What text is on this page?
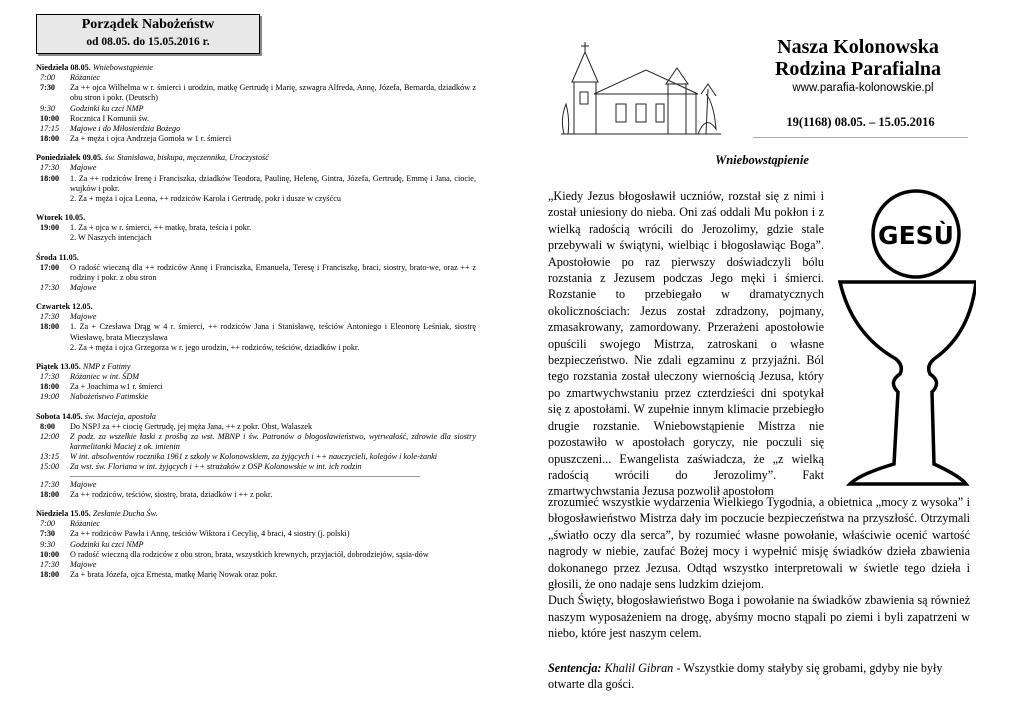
Porządek Nabożeństw
od 08.05. do 15.05.2016 r.
Niedziela 08.05. Wniebowstąpienie
7:00	Różaniec
7:30	Za ++ ojca Wilhelma w r. śmierci i urodzin, matkę Gertrudę i Marię, szwagra Alfreda, Annę, Józefa, Bernarda, dziadków z obu stron i pokr. (Deutsch)
9:30	Godzinki ku czci NMP
10:00	Rocznica I Komunii św.
17:15	Majowe i do Miłosierdzia Bożego
18:00	Za + męża i ojca Andrzeja Gomoła w 1 r. śmierci
Poniedziałek 09.05. św. Stanisława, biskupa, męczennika, Uroczystość
17:30	Majowe
18:00	1. Za ++ rodziców Irenę i Franciszka, dziadków Teodora, Paulinę, Helenę, Gintra, Józefa, Gertrudę, Emmę i Jana, ciocie, wujków i pokr.
2. Za + męża i ojca Leona, ++ rodziców Karola i Gertrudę, pokr i dusze w czyśćcu
Wtorek 10.05.
19:00	1. Za + ojca w r. śmierci, ++ matkę, brata, teścia i pokr.
2. W Naszych intencjach
Środa 11.05.
17:00	O radość wieczną dla ++ rodziców Annę i Franciszka, Emanuela, Teresę i Franciszkę, braci, siostry, brato-we, oraz ++ z rodziny i pokr. z obu stron
17:30	Majowe
Czwartek 12.05.
17:30	Majowe
18:00	1. Za + Czesława Drąg w 4 r. śmierci, ++ rodziców Jana i Stanisławę, teściów Antoniego i Eleonorę Leśniak, siostrę Wiesławę, brata Mieczysława
2. Za + męża i ojca Grzegorza w r. jego urodzin, ++ rodziców, teściów, dziadków i pokr.
Piątek 13.05. NMP z Fatimy
17:30	Różaniec w int. ŚDM
18:00	Za + Joachima w1 r. śmierci
19:00	Nabożeństwo Fatimskie
Sobota 14.05. św. Macieja, apostoła
8:00	Do NSPJ za ++ ciocię Gertrudę, jej męża Jana, ++ z pokr. Obst, Walaszek
12:00	Z podz. za wszelkie łaski z prośbą za wst. MBNP i św. Patronów o błogosławieństwo, wytrwałość, zdrowie dla siostry karmelitanki Maciej z ok. imienin
13:15	W int. absolwentów rocznika 1961 z szkoły w Kolonowskiem, za żyjących i ++ nauczycieli, kolegów i kole-żanki
15:00	Za wst. św. Floriana w int. żyjących i ++ strażaków z OSP Kolonowskie w int. ich rodzin
17:30	Majowe
18:00	Za ++ rodziców, teściów, siostrę, brata, dziadków i ++ z pokr.
Niedziela 15.05. Zesłanie Ducha Św.
7:00	Różaniec
7:30	Za ++ rodziców Pawła i Annę, teściów Wiktora i Cecylię, 4 braci, 4 siostry (j. polski)
9:30	Godzinki ku czci NMP
10:00	O radość wieczną dla rodziców z obu stron, brata, wszystkich krewnych, przyjaciół, dobrodziejów, sąsia-dów
17:30	Majowe
18:00	Za + brata Józefa, ojca Ernesta, matkę Marię Nowak oraz pokr.
Nasza Kolonowska
Rodzina Parafialna
www.parafia-kolonowskie.pl
19(1168) 08.05. – 15.05.2016
Wniebowstąpienie
„Kiedy Jezus błogosławił uczniów, rozstał się z nimi i został uniesiony do nieba. Oni zaś oddali Mu pokłon i z wielką radością wrócili do Jerozolimy, gdzie stale przebywali w świątyni, wielbiąc i błogosławiąc Boga”. Apostołowie po raz pierwszy doświadczyli bólu rozstania z Jezusem podczas Jego męki i śmierci. Rozstanie to przebiegało w dramatycznych okolicznościach: Jezus został zdradzony, pojmany, zmasakrowany, zamordowany. Przerażeni apostołowie opuścili swojego Mistrza, zatroskani o własne bezpieczeństwo. Nie zdali egzaminu z przyjaźni. Ból tego rozstania został uleczony wiernością Jezusa, który po zmartwychwstaniu przez czterdzieści dni spotykał się z apostołami. W zupełnie innym klimacie przebiegło drugie rozstanie. Wniebowstąpienie Mistrza nie pozostawiło w apostołach goryczy, nie poczuli się opuszczeni... Ewangelista zaświadcza, że „z wielką radością wrócili do Jerozolimy”. Fakt zmartwychwstania Jezusa pozwolił apostołom
GESÙ
zrozumieć wszystkie wydarzenia Wielkiego Tygodnia, a obietnica „mocy z wysoka” i błogosławieństwo Mistrza dały im poczucie bezpieczeństwa na przyszłość. Otrzymali „światło oczy dla serca”, by rozumieć własne powołanie, właściwie ocenić wartość nagrody w niebie, zaufać Bożej mocy i wypełnić misję świadków dzieła zbawienia dokonanego przez Jezusa. Odtąd wszystko interpretowali w świetle tego dzieła i głosili, że ono nadaje sens ludzkim dziejom.
Duch Święty, błogosławieństwo Boga i powołanie na świadków zbawienia są również naszym wyposażeniem na drogę, abyśmy mocno stąpali po ziemi i byli zapatrzeni w niebo, które jest naszym celem.
Sentencja: Khalil Gibran - Wszystkie domy stałyby się grobami, gdyby nie były otwarte dla gości.
